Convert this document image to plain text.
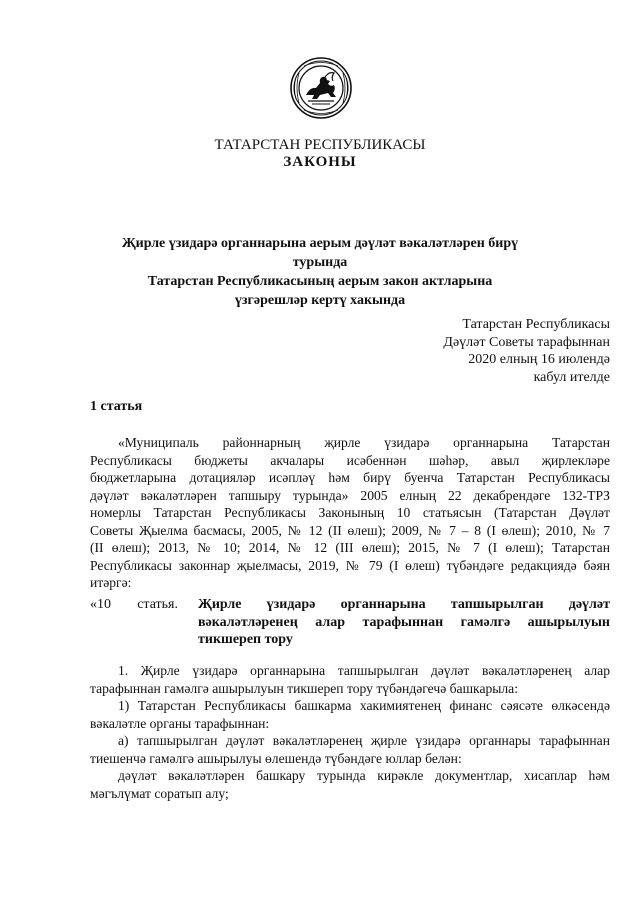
ТАТАРСТАН РЕСПУБЛИКАСЫ
ЗАКОНЫ
Җирле үзидарә органнарына аерым дәүләт вәкаләтләрен бирү турында
Татарстан Республикасының аерым закон актларына
үзгәрешләр кертү хакында
Татарстан Республикасы
Дәүләт Советы тарафыннан
2020 елның 16 июлендә
кабул ителде
1 статья
«Муниципаль районнарның җирле үзидарә органнарына Татарстан
Республикасы бюджеты акчалары исәбеннән шәһәр, авыл җирлекләре
бюджетларына дотацияләр исәпләү һәм бирү буенча Татарстан Республикасы
дәүләт вәкаләтләрен тапшыру турында» 2005 елның 22 декабрендәге 132-ТРЗ
номерлы Татарстан Республикасы Законының 10 статьясын (Татарстан Дәүләт
Советы Җыелма басмасы, 2005, № 12 (II өлеш); 2009, № 7 – 8 (I өлеш); 2010, № 7
(II өлеш); 2013, № 10; 2014, № 12 (III өлеш); 2015, № 7 (I өлеш); Татарстан
Республикасы законнар җыелмасы, 2019, № 79 (I өлеш) түбәндәге редакциядә бәян
итәргә:
«10 статья. Җирле үзидарә органнарына тапшырылган дәүләт
вәкаләтләренең алар тарафыннан гамәлгә ашырылуын
тикшереп тору
1. Җирле үзидарә органнарына тапшырылган дәүләт вәкаләтләренең алар
тарафыннан гамәлгә ашырылуын тикшереп тору түбәндәгечә башкарыла:
1) Татарстан Республикасы башкарма хакимиятенең финанс сәясәте өлкәсендә
вәкаләтле органы тарафыннан:
а) тапшырылган дәүләт вәкаләтләренең җирле үзидарә органнары тарафыннан
тиешенчә гамәлгә ашырылуы өлешендә түбәндәге юллар белән:
дәүләт вәкаләтләрен башкару турында кирәкле документлар, хисаплар һәм
мәгълүмат соратып алу;
